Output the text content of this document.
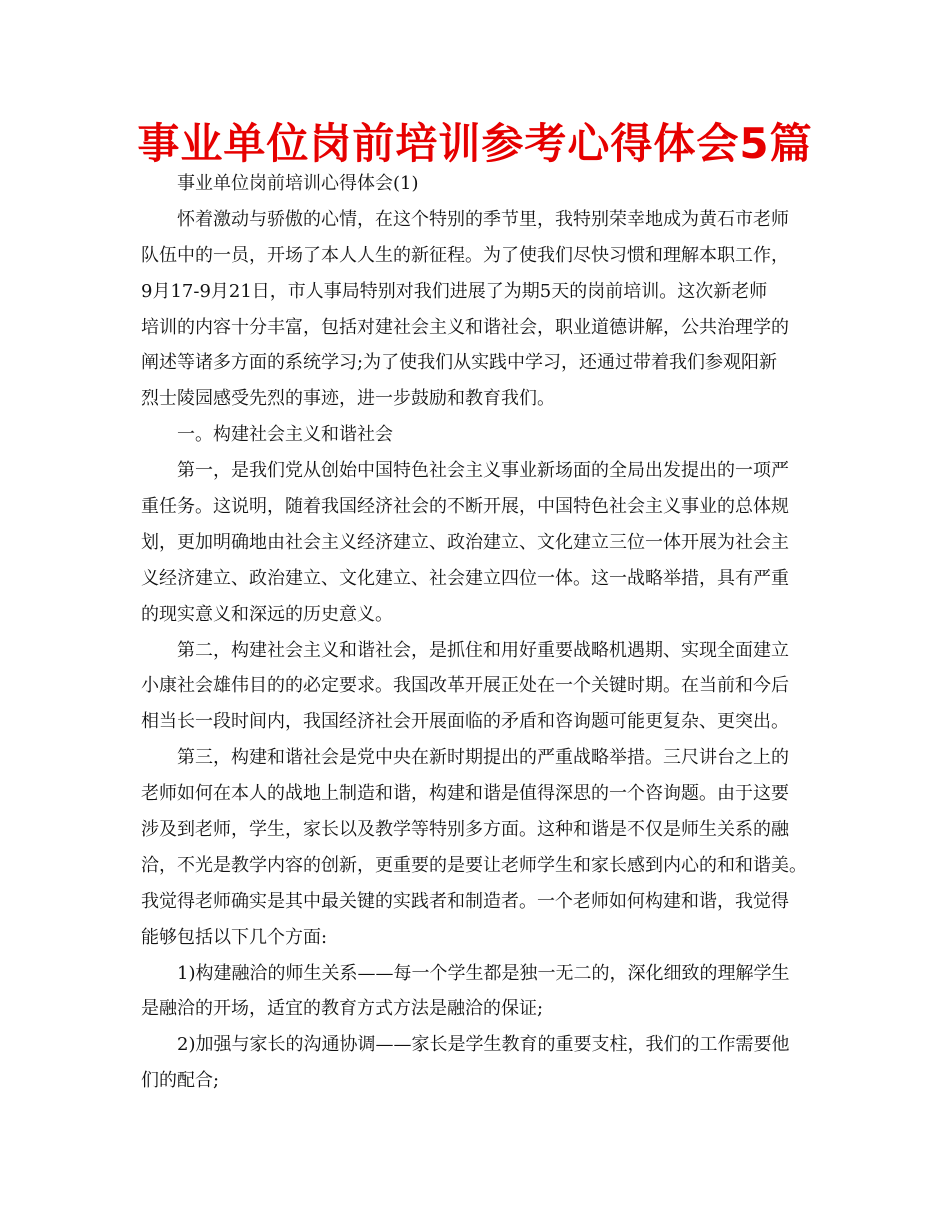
事业单位岗前培训参考心得体会5篇
事业单位岗前培训心得体会(1)
怀着激动与骄傲的心情，在这个特别的季节里，我特别荣幸地成为黄石市老师
队伍中的一员，开场了本人人生的新征程。为了使我们尽快习惯和理解本职工作，
9月17-9月21日，市人事局特别对我们进展了为期5天的岗前培训。这次新老师
培训的内容十分丰富，包括对建社会主义和谐社会，职业道德讲解，公共治理学的
阐述等诸多方面的系统学习;为了使我们从实践中学习，还通过带着我们参观阳新
烈士陵园感受先烈的事迹，进一步鼓励和教育我们。
一。构建社会主义和谐社会
第一，是我们党从创始中国特色社会主义事业新场面的全局出发提出的一项严
重任务。这说明，随着我国经济社会的不断开展，中国特色社会主义事业的总体规
划，更加明确地由社会主义经济建立、政治建立、文化建立三位一体开展为社会主
义经济建立、政治建立、文化建立、社会建立四位一体。这一战略举措，具有严重
的现实意义和深远的历史意义。
第二，构建社会主义和谐社会，是抓住和用好重要战略机遇期、实现全面建立
小康社会雄伟目的的必定要求。我国改革开展正处在一个关键时期。在当前和今后
相当长一段时间内，我国经济社会开展面临的矛盾和咨询题可能更复杂、更突出。
第三，构建和谐社会是党中央在新时期提出的严重战略举措。三尺讲台之上的
老师如何在本人的战地上制造和谐，构建和谐是值得深思的一个咨询题。由于这要
涉及到老师，学生，家长以及教学等特别多方面。这种和谐是不仅是师生关系的融
洽，不光是教学内容的创新，更重要的是要让老师学生和家长感到内心的和和谐美。
我觉得老师确实是其中最关键的实践者和制造者。一个老师如何构建和谐，我觉得
能够包括以下几个方面:
1)构建融洽的师生关系——每一个学生都是独一无二的，深化细致的理解学生
是融洽的开场，适宜的教育方式方法是融洽的保证;
2)加强与家长的沟通协调——家长是学生教育的重要支柱，我们的工作需要他
们的配合;
